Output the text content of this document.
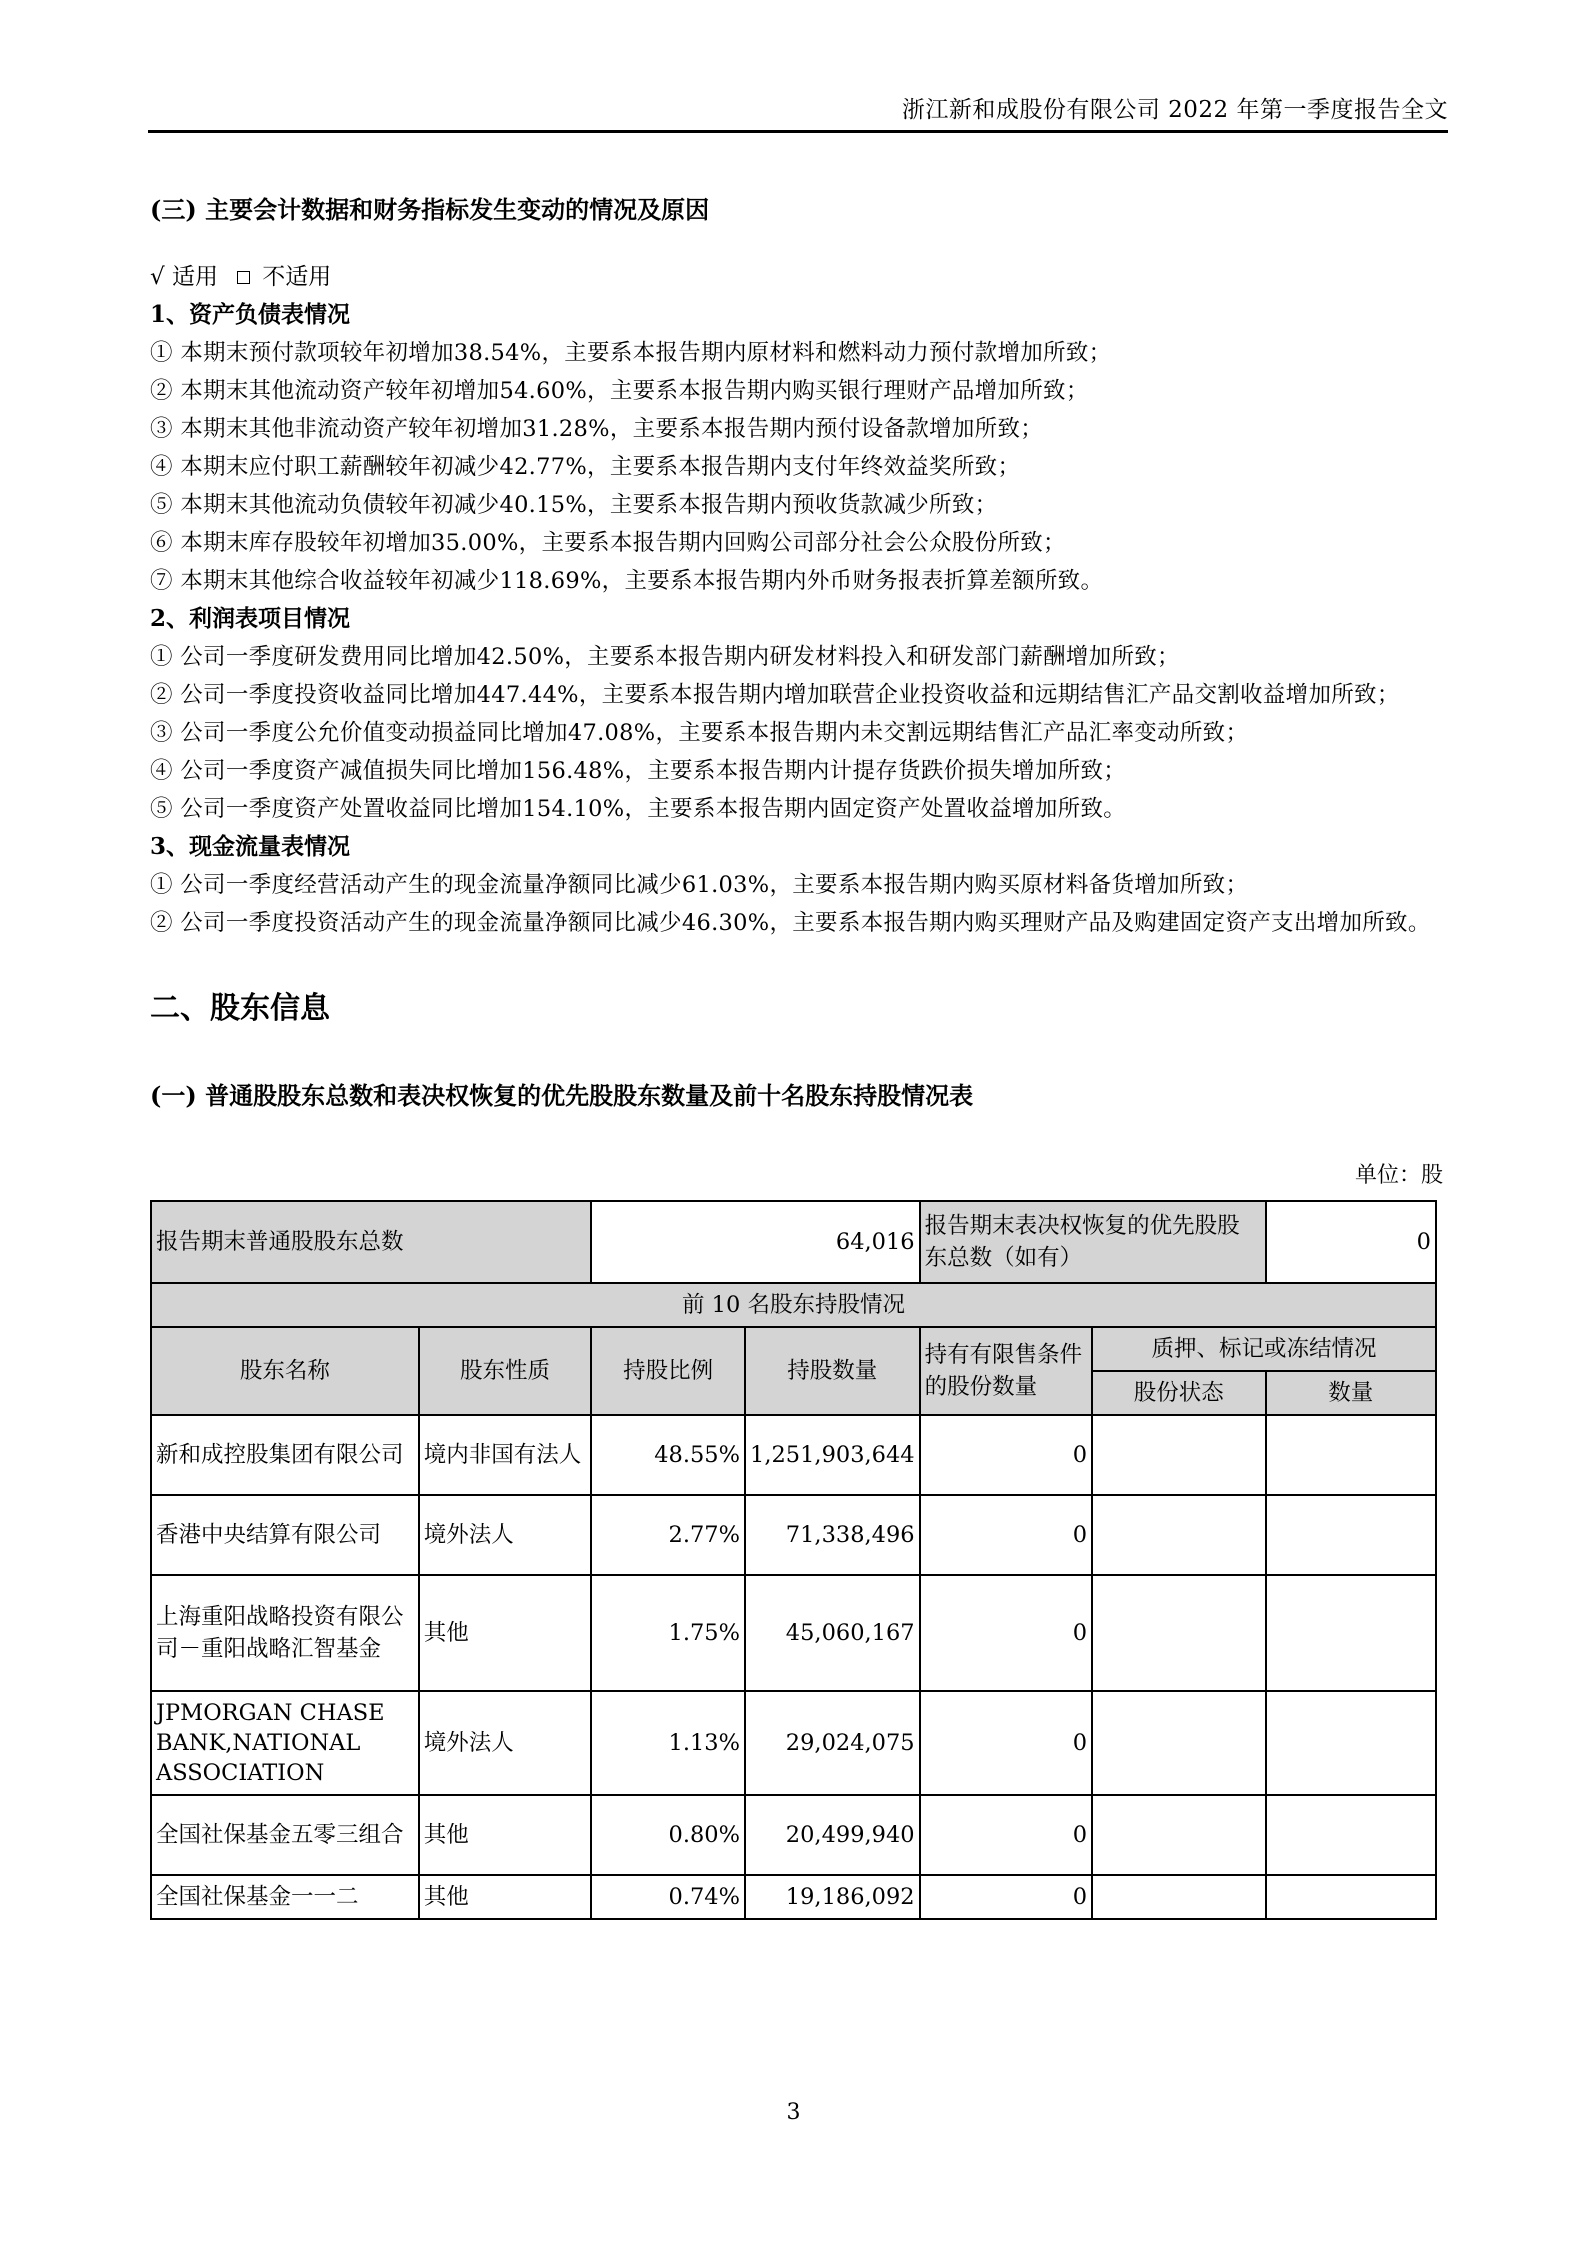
浙江新和成股份有限公司 2022 年第一季度报告全文
(三) 主要会计数据和财务指标发生变动的情况及原因
√ 适用 不适用
1、资产负债表情况
① 本期末预付款项较年初增加38.54%，主要系本报告期内原材料和燃料动力预付款增加所致；
② 本期末其他流动资产较年初增加54.60%，主要系本报告期内购买银行理财产品增加所致；
③ 本期末其他非流动资产较年初增加31.28%，主要系本报告期内预付设备款增加所致；
④ 本期末应付职工薪酬较年初减少42.77%，主要系本报告期内支付年终效益奖所致；
⑤ 本期末其他流动负债较年初减少40.15%，主要系本报告期内预收货款减少所致；
⑥ 本期末库存股较年初增加35.00%，主要系本报告期内回购公司部分社会公众股份所致；
⑦ 本期末其他综合收益较年初减少118.69%，主要系本报告期内外币财务报表折算差额所致。
2、利润表项目情况
① 公司一季度研发费用同比增加42.50%，主要系本报告期内研发材料投入和研发部门薪酬增加所致；
② 公司一季度投资收益同比增加447.44%，主要系本报告期内增加联营企业投资收益和远期结售汇产品交割收益增加所致；
③ 公司一季度公允价值变动损益同比增加47.08%，主要系本报告期内未交割远期结售汇产品汇率变动所致；
④ 公司一季度资产减值损失同比增加156.48%，主要系本报告期内计提存货跌价损失增加所致；
⑤ 公司一季度资产处置收益同比增加154.10%，主要系本报告期内固定资产处置收益增加所致。
3、现金流量表情况
① 公司一季度经营活动产生的现金流量净额同比减少61.03%，主要系本报告期内购买原材料备货增加所致；
② 公司一季度投资活动产生的现金流量净额同比减少46.30%，主要系本报告期内购买理财产品及购建固定资产支出增加所致。
二、股东信息
(一) 普通股股东总数和表决权恢复的优先股股东数量及前十名股东持股情况表
单位：股
报告期末普通股股东总数		64,016		报告期末表决权恢复的优先股股东总数（如有）		0
前 10 名股东持股情况						
股东名称	股东性质	持股比例	持股数量	持有有限售条件的股份数量	质押、标记或冻结情况	
					股份状态	数量
新和成控股集团有限公司	境内非国有法人	48.55%	1,251,903,644	0		
香港中央结算有限公司	境外法人	2.77%	71,338,496	0		
上海重阳战略投资有限公司－重阳战略汇智基金	其他	1.75%	45,060,167	0		
JPMORGAN CHASE BANK,NATIONAL ASSOCIATION	境外法人	1.13%	29,024,075	0		
全国社保基金五零三组合	其他	0.80%	20,499,940	0		
全国社保基金一一二	其他	0.74%	19,186,092	0		
3
